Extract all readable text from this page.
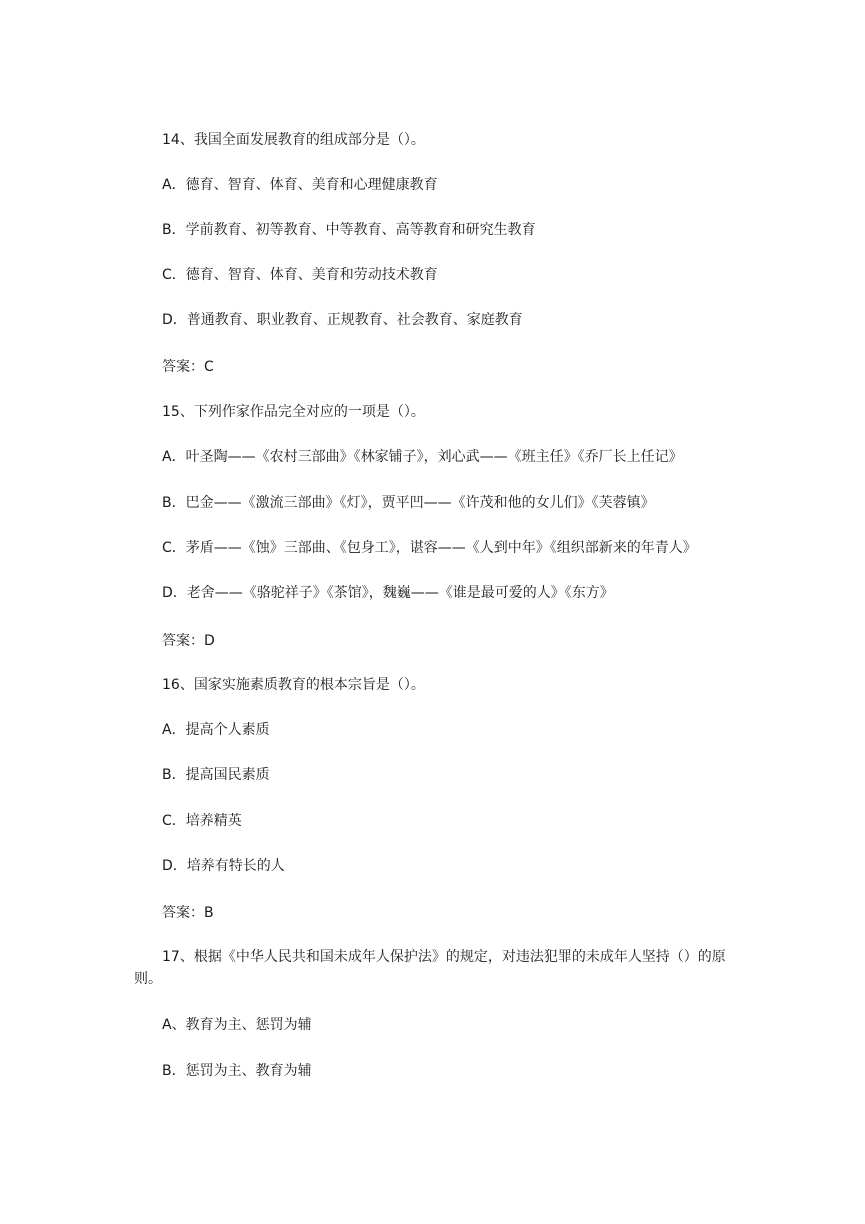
14、我国全面发展教育的组成部分是（）。
A．德育、智育、体育、美育和心理健康教育
B．学前教育、初等教育、中等教育、高等教育和研究生教育
C．德育、智育、体育、美育和劳动技术教育
D．普通教育、职业教育、正规教育、社会教育、家庭教育
答案：C
15、下列作家作品完全对应的一项是（）。
A．叶圣陶——《农村三部曲》《林家铺子》，刘心武——《班主任》《乔厂长上任记》
B．巴金——《激流三部曲》《灯》，贾平凹——《许茂和他的女儿们》《芙蓉镇》
C．茅盾——《蚀》三部曲、《包身工》，谌容——《人到中年》《组织部新来的年青人》
D．老舍——《骆驼祥子》《茶馆》，魏巍——《谁是最可爱的人》《东方》
答案：D
16、国家实施素质教育的根本宗旨是（）。
A．提高个人素质
B．提高国民素质
C．培养精英
D．培养有特长的人
答案：B
17、根据《中华人民共和国未成年人保护法》的规定，对违法犯罪的未成年人坚持（）的原则。
A、教育为主、惩罚为辅
B．惩罚为主、教育为辅
